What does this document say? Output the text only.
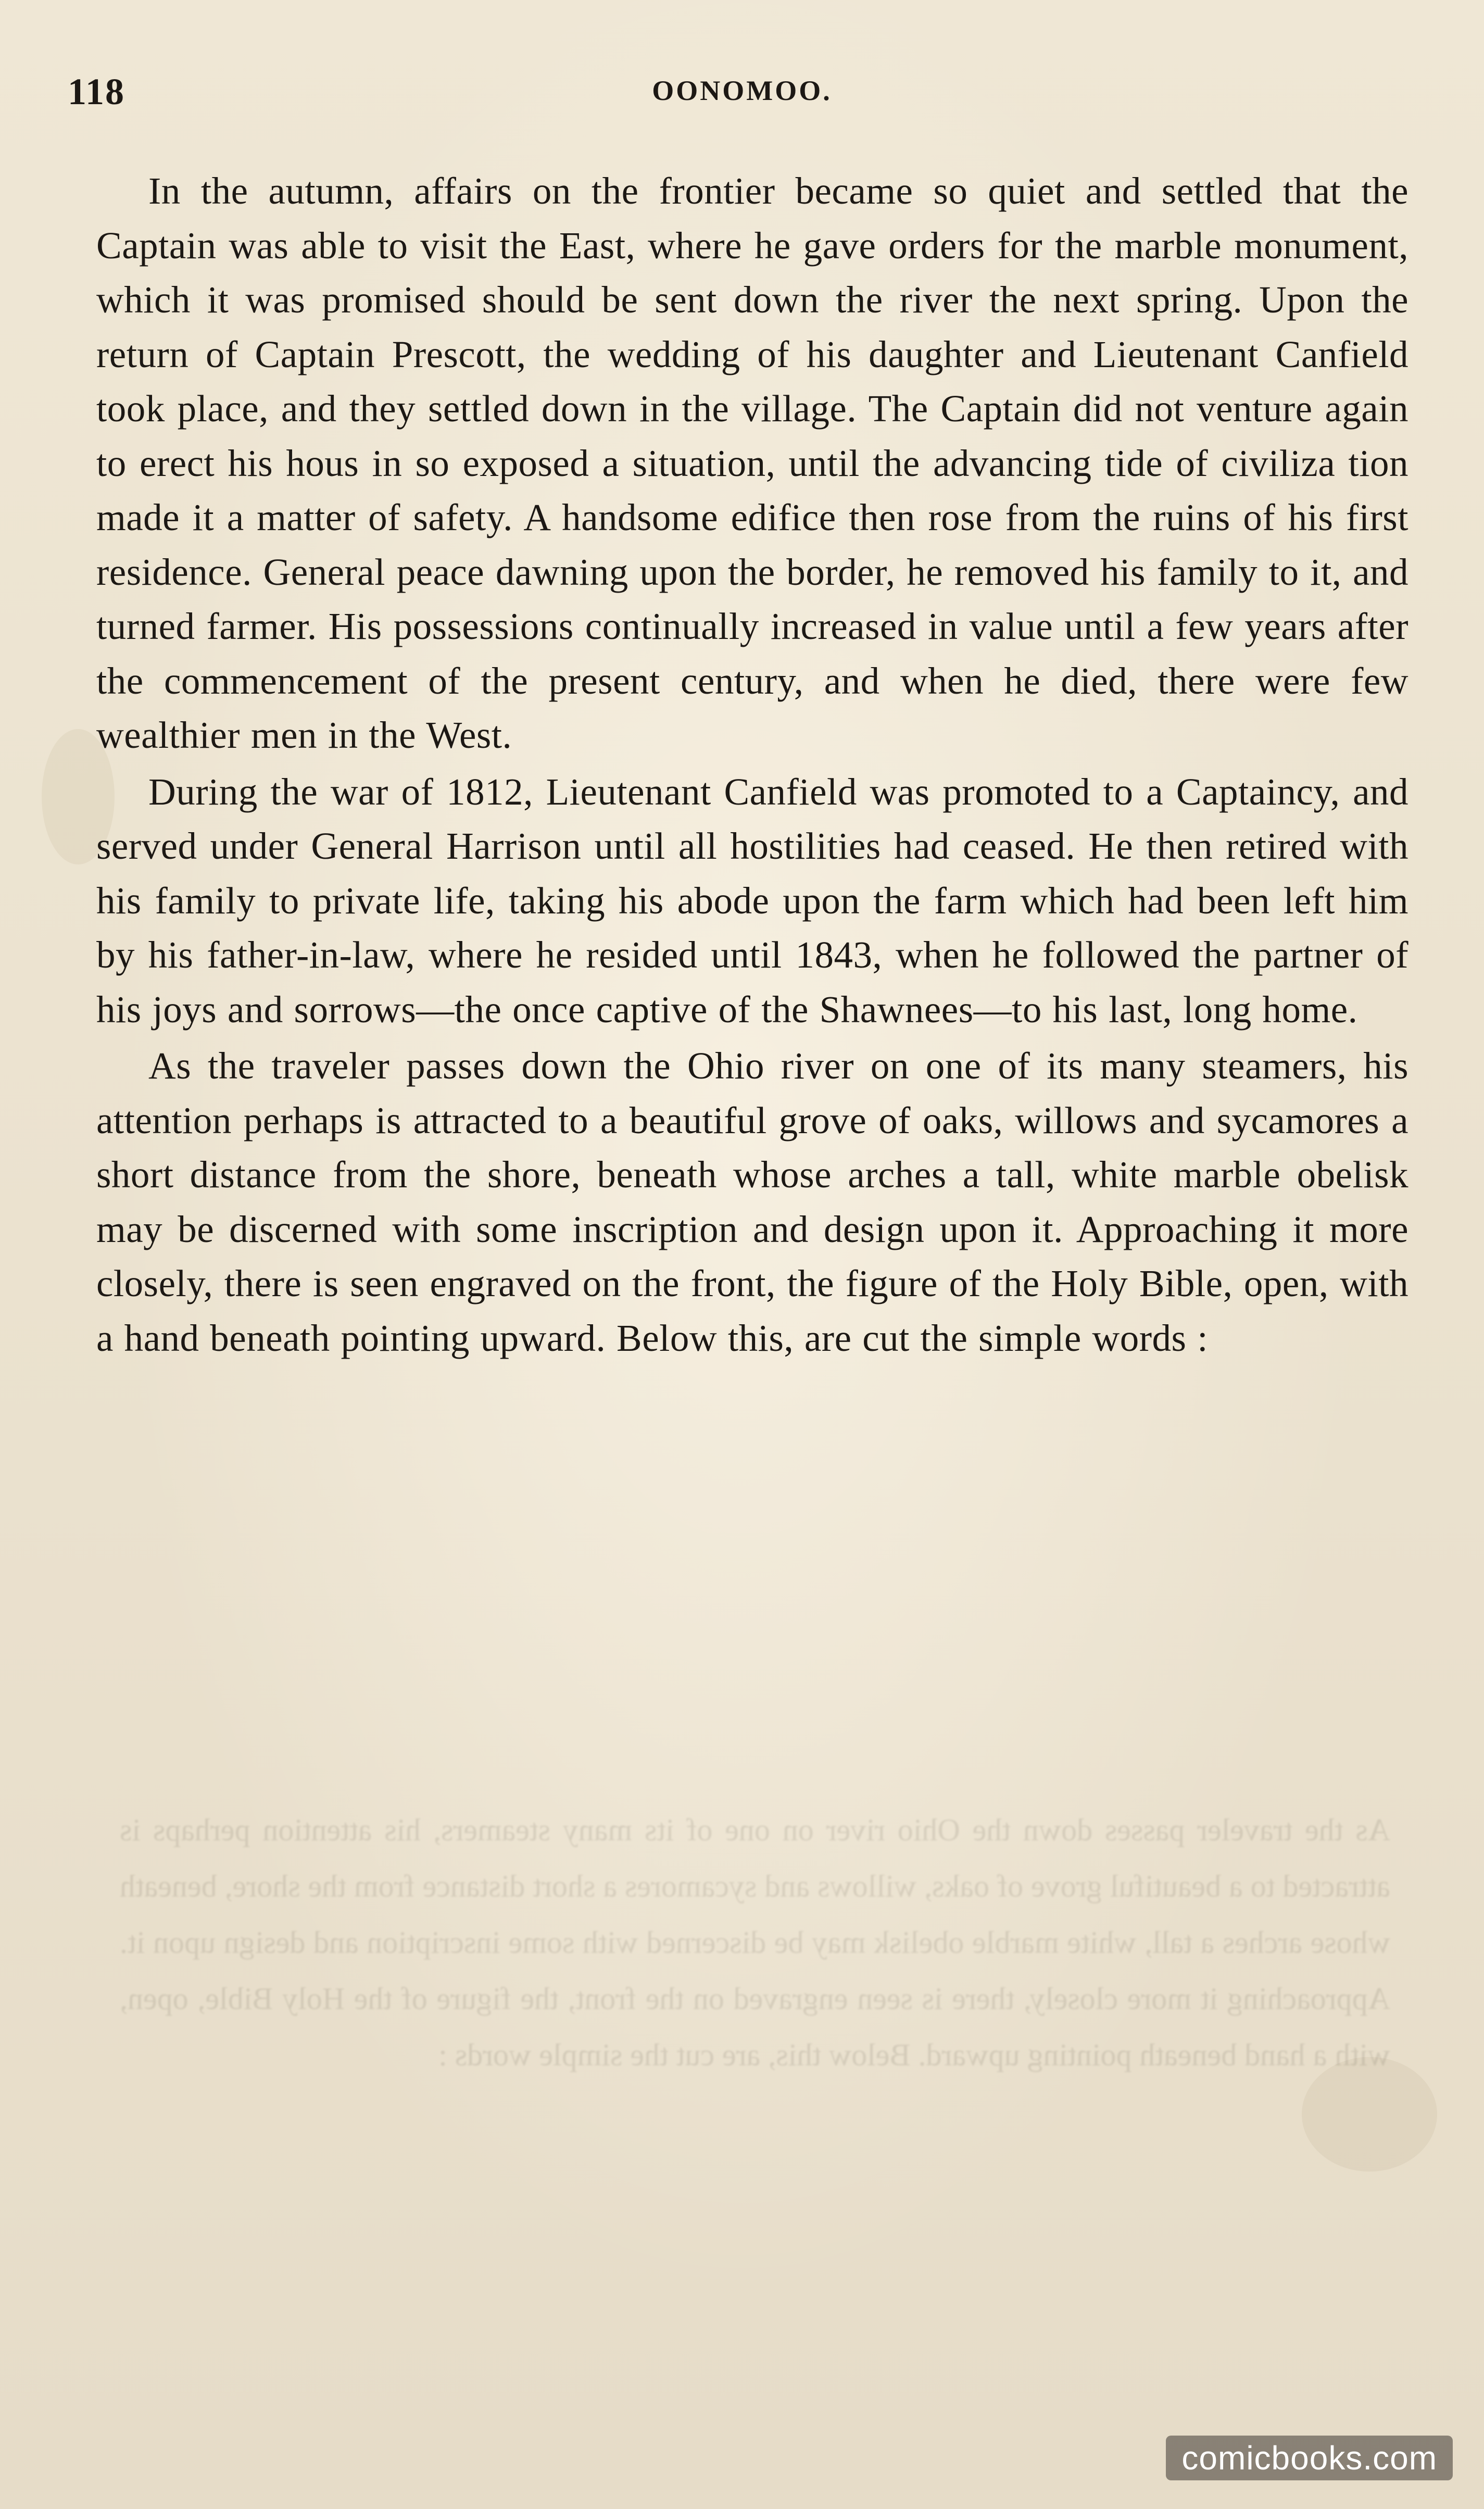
As the traveler passes down the Ohio river on one of its many steamers, his attention perhaps is attracted to a beautiful grove of oaks, willows and sycamores a short distance from the shore, beneath whose arches a tall, white marble obelisk may be discerned with some inscription and design upon it. Approaching it more closely, there is seen engraved on the front, the figure of the Holy Bible, open, with a hand beneath pointing upward. Below this, are cut the simple words :
118	OONOMOO.

In the autumn, affairs on the frontier became so quiet and settled that the Captain was able to visit the East, where he gave orders for the marble monument, which it was promised should be sent down the river the next spring. Upon the return of Captain Prescott, the wedding of his daughter and Lieutenant Canfield took place, and they settled down in the village. The Captain did not venture again to erect his hous in so exposed a situation, until the advancing tide of civiliza tion made it a matter of safety. A handsome edifice then rose from the ruins of his first residence. General peace dawning upon the border, he removed his family to it, and turned farmer. His possessions continually increased in value until a few years after the commencement of the present century, and when he died, there were few wealthier men in the West.

During the war of 1812, Lieutenant Canfield was promoted to a Captaincy, and served under General Harrison until all hostilities had ceased. He then retired with his family to private life, taking his abode upon the farm which had been left him by his father-in-law, where he resided until 1843, when he followed the partner of his joys and sorrows—the once captive of the Shawnees—to his last, long home.

As the traveler passes down the Ohio river on one of its many steamers, his attention perhaps is attracted to a beautiful grove of oaks, willows and sycamores a short distance from the shore, beneath whose arches a tall, white marble obelisk may be discerned with some inscription and design upon it. Approaching it more closely, there is seen engraved on the front, the figure of the Holy Bible, open, with a hand beneath pointing upward. Below this, are cut the simple words :

comicbooks.com
